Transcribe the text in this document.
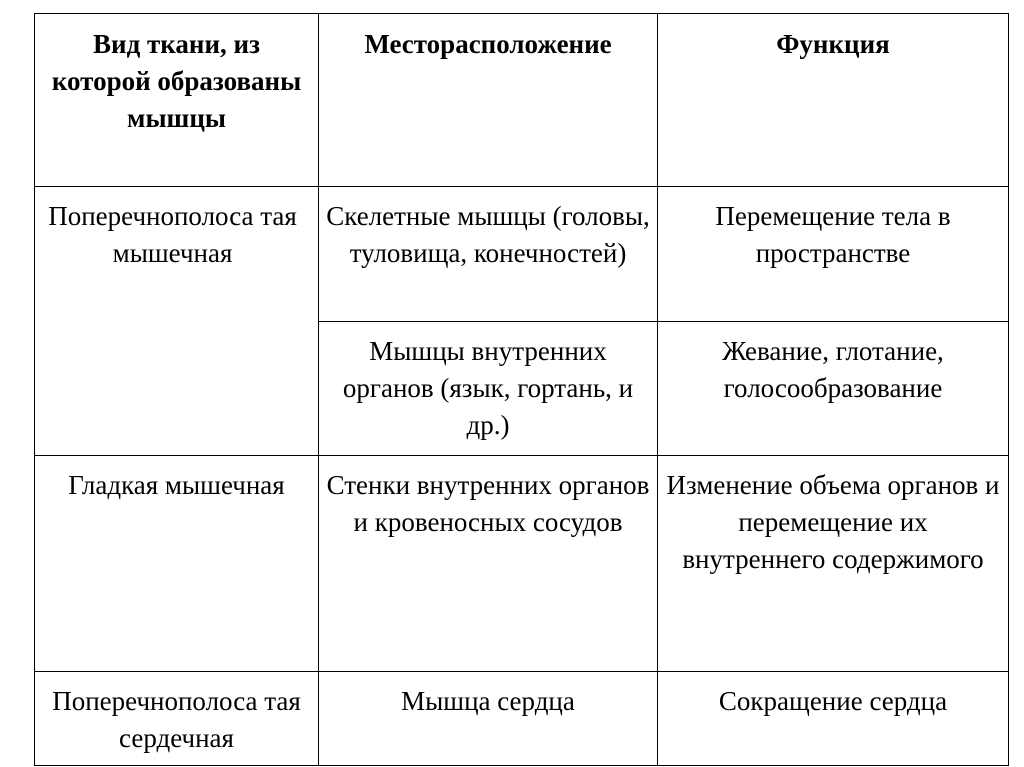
Вид ткани, из которой образованы мышцы	Месторасположение	Функция

Поперечнополоса тая мышечная	Скелетные мышцы (головы, туловища, конечностей)	Перемещение тела в пространстве

	Мышцы внутренних органов (язык, гортань, и др.)	Жевание, глотание, голосообразование

Гладкая мышечная	Стенки внутренних органов и кровеносных сосудов	Изменение объема органов и перемещение их внутреннего содержимого

Поперечнополоса тая сердечная	Мышца сердца	Сокращение сердца
